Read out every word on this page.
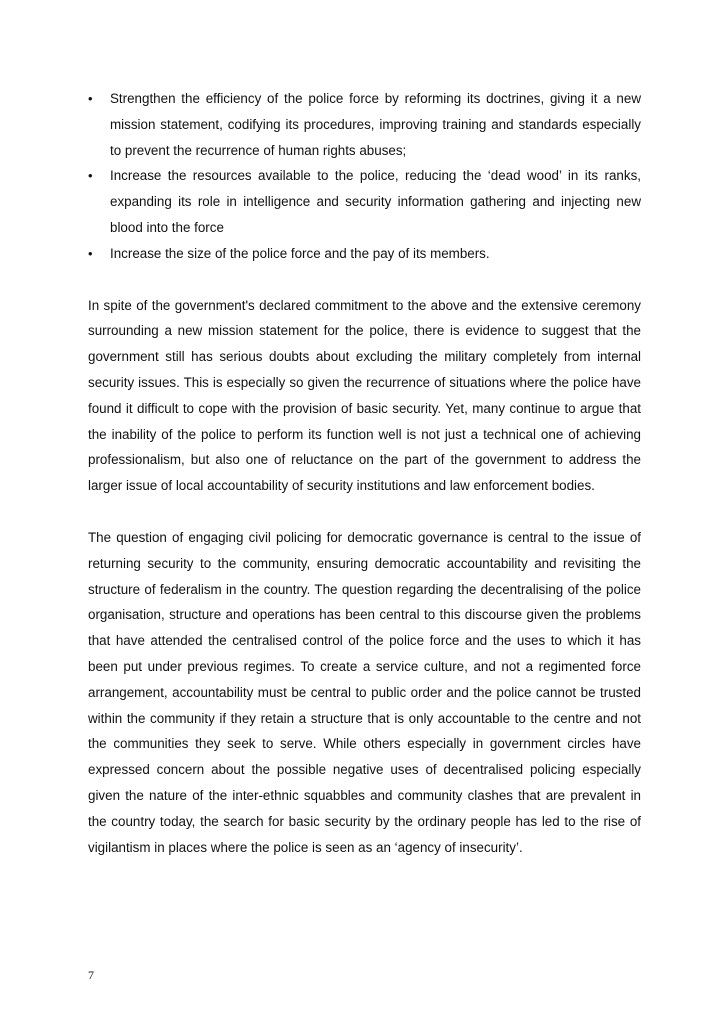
• Strengthen the efficiency of the police force by reforming its doctrines, giving it a new mission statement, codifying its procedures, improving training and standards especially to prevent the recurrence of human rights abuses;
• Increase the resources available to the police, reducing the ‘dead wood’ in its ranks, expanding its role in intelligence and security information gathering and injecting new blood into the force
• Increase the size of the police force and the pay of its members.

In spite of the government's declared commitment to the above and the extensive ceremony surrounding a new mission statement for the police, there is evidence to suggest that the government still has serious doubts about excluding the military completely from internal security issues. This is especially so given the recurrence of situations where the police have found it difficult to cope with the provision of basic security. Yet, many continue to argue that the inability of the police to perform its function well is not just a technical one of achieving professionalism, but also one of reluctance on the part of the government to address the larger issue of local accountability of security institutions and law enforcement bodies.

The question of engaging civil policing for democratic governance is central to the issue of returning security to the community, ensuring democratic accountability and revisiting the structure of federalism in the country. The question regarding the decentralising of the police organisation, structure and operations has been central to this discourse given the problems that have attended the centralised control of the police force and the uses to which it has been put under previous regimes. To create a service culture, and not a regimented force arrangement, accountability must be central to public order and the police cannot be trusted within the community if they retain a structure that is only accountable to the centre and not the communities they seek to serve. While others especially in government circles have expressed concern about the possible negative uses of decentralised policing especially given the nature of the inter-ethnic squabbles and community clashes that are prevalent in the country today, the search for basic security by the ordinary people has led to the rise of vigilantism in places where the police is seen as an ‘agency of insecurity’.

7
